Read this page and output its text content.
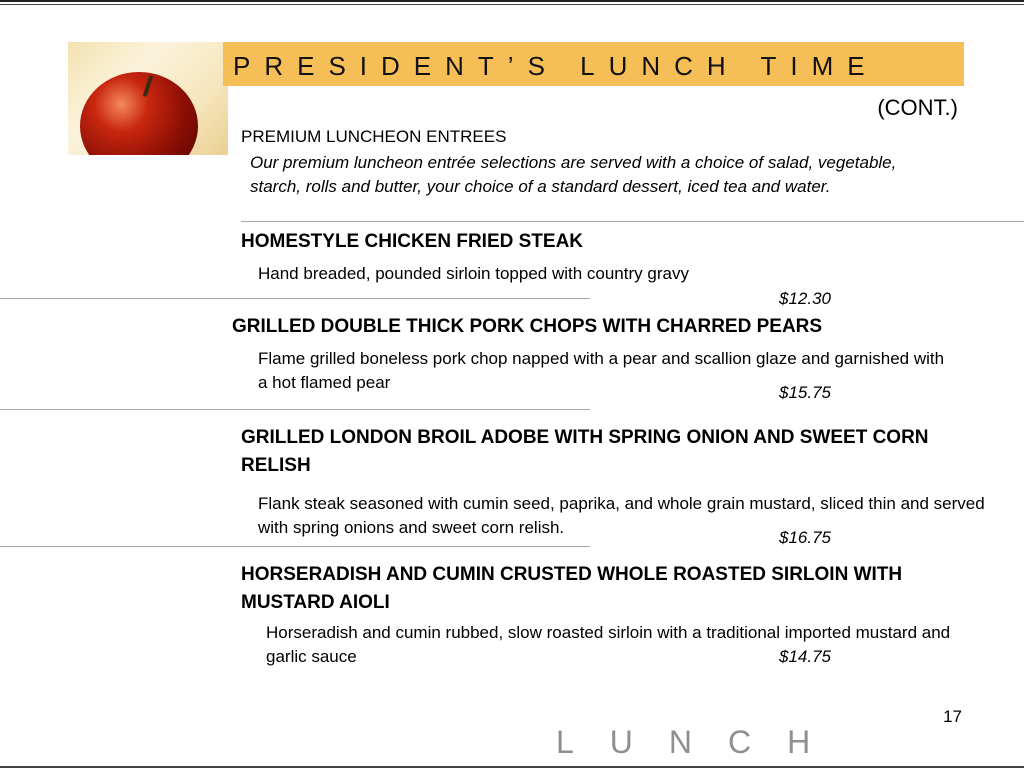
PRESIDENT’S LUNCH TIME
(CONT.)
PREMIUM LUNCHEON ENTREES
Our premium luncheon entrée selections are served with a choice of salad, vegetable, starch, rolls and butter, your choice of a standard dessert, iced tea and water.
HOMESTYLE CHICKEN FRIED STEAK
Hand breaded, pounded sirloin topped with country gravy
$12.30
GRILLED DOUBLE THICK PORK CHOPS WITH CHARRED PEARS
Flame grilled boneless pork chop napped with a pear and scallion glaze and garnished with a hot flamed pear
$15.75
GRILLED LONDON BROIL ADOBE WITH SPRING ONION AND SWEET CORN RELISH
Flank steak seasoned with cumin seed, paprika, and whole grain mustard, sliced thin and served with spring onions and sweet corn relish.
$16.75
HORSERADISH AND CUMIN CRUSTED WHOLE ROASTED SIRLOIN WITH MUSTARD AIOLI
Horseradish and cumin rubbed, slow roasted sirloin with a traditional imported mustard and garlic sauce	$14.75
17
LUNCH
